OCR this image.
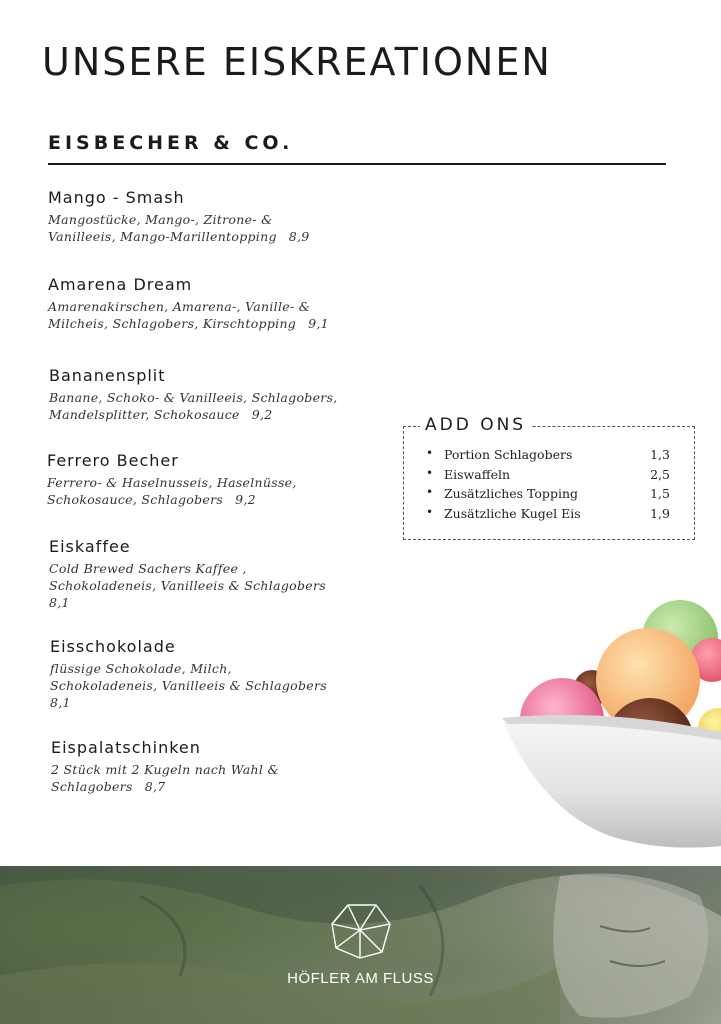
UNSERE EISKREATIONEN
EISBECHER & CO.
Mango - Smash
Mangostücke, Mango-, Zitrone- &
Vanilleeis, Mango-Marillentopping 8,9
Amarena Dream
Amarenakirschen, Amarena-, Vanille- &
Milcheis, Schlagobers, Kirschtopping 9,1
Bananensplit
Banane, Schoko- & Vanilleeis, Schlagobers,
Mandelsplitter, Schokosauce 9,2
Ferrero Becher
Ferrero- & Haselnusseis, Haselnüsse,
Schokosauce, Schlagobers 9,2
Eiskaffee
Cold Brewed Sachers Kaffee ,
Schokoladeneis, Vanilleeis & Schlagobers
8,1
Eisschokolade
flüssige Schokolade, Milch,
Schokoladeneis, Vanilleeis & Schlagobers
8,1
Eispalatschinken
2 Stück mit 2 Kugeln nach Wahl &
Schlagobers 8,7
ADD ONS
• Portion Schlagobers	1,3
• Eiswaffeln	2,5
• Zusätzliches Topping	1,5
• Zusätzliche Kugel Eis	1,9
HÖFLER AM FLUSS
